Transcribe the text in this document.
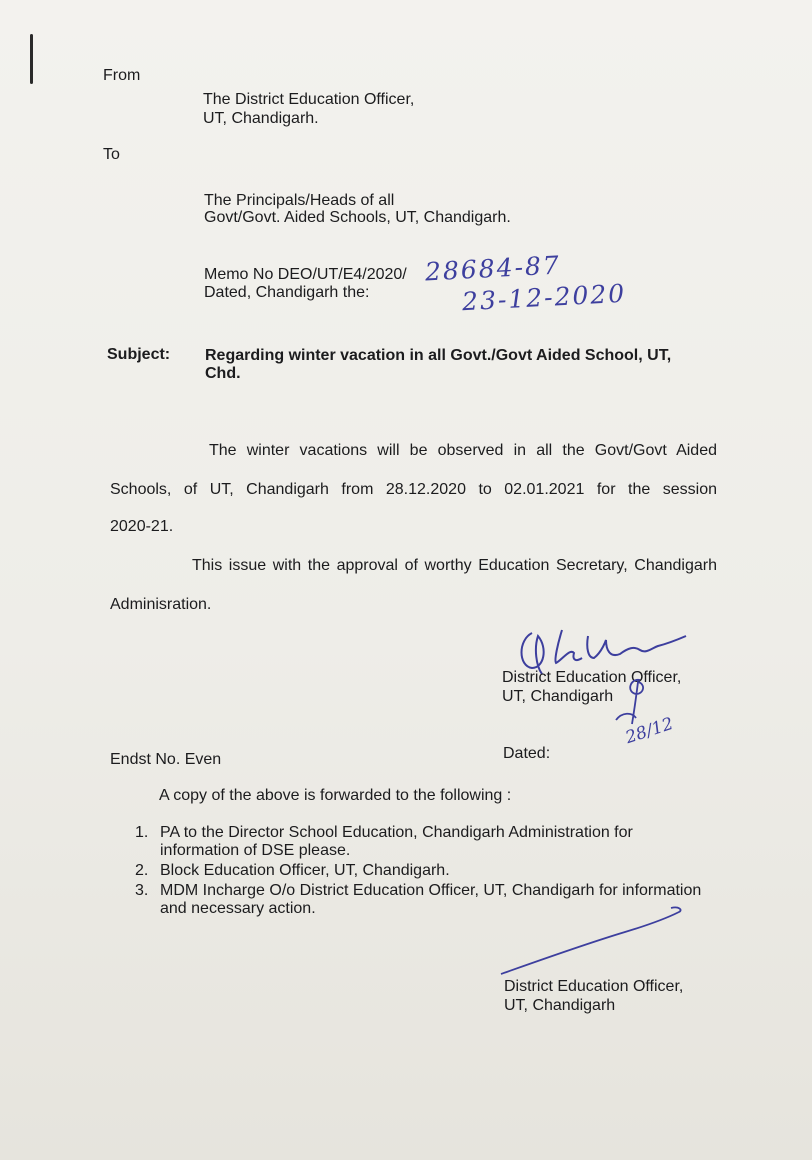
From
The District Education Officer,
UT, Chandigarh.
To
The Principals/Heads of all
Govt/Govt. Aided Schools, UT, Chandigarh.
Memo No DEO/UT/E4/2020/ 28684-87
Dated, Chandigarh the:	23-12-2020
Subject: Regarding winter vacation in all Govt./Govt Aided School, UT,
Chd.
The winter vacations will be observed in all the Govt/Govt Aided
Schools, of UT, Chandigarh from 28.12.2020 to 02.01.2021 for the session
2020-21.
This issue with the approval of worthy Education Secretary, Chandigarh
Adminisration.
District Education Officer,
UT, Chandigarh
28/12
Endst No. Even	Dated:
A copy of the above is forwarded to the following :
1. PA to the Director School Education, Chandigarh Administration for
information of DSE please.
2. Block Education Officer, UT, Chandigarh.
3. MDM Incharge O/o District Education Officer, UT, Chandigarh for information
and necessary action.
District Education Officer,
UT, Chandigarh
